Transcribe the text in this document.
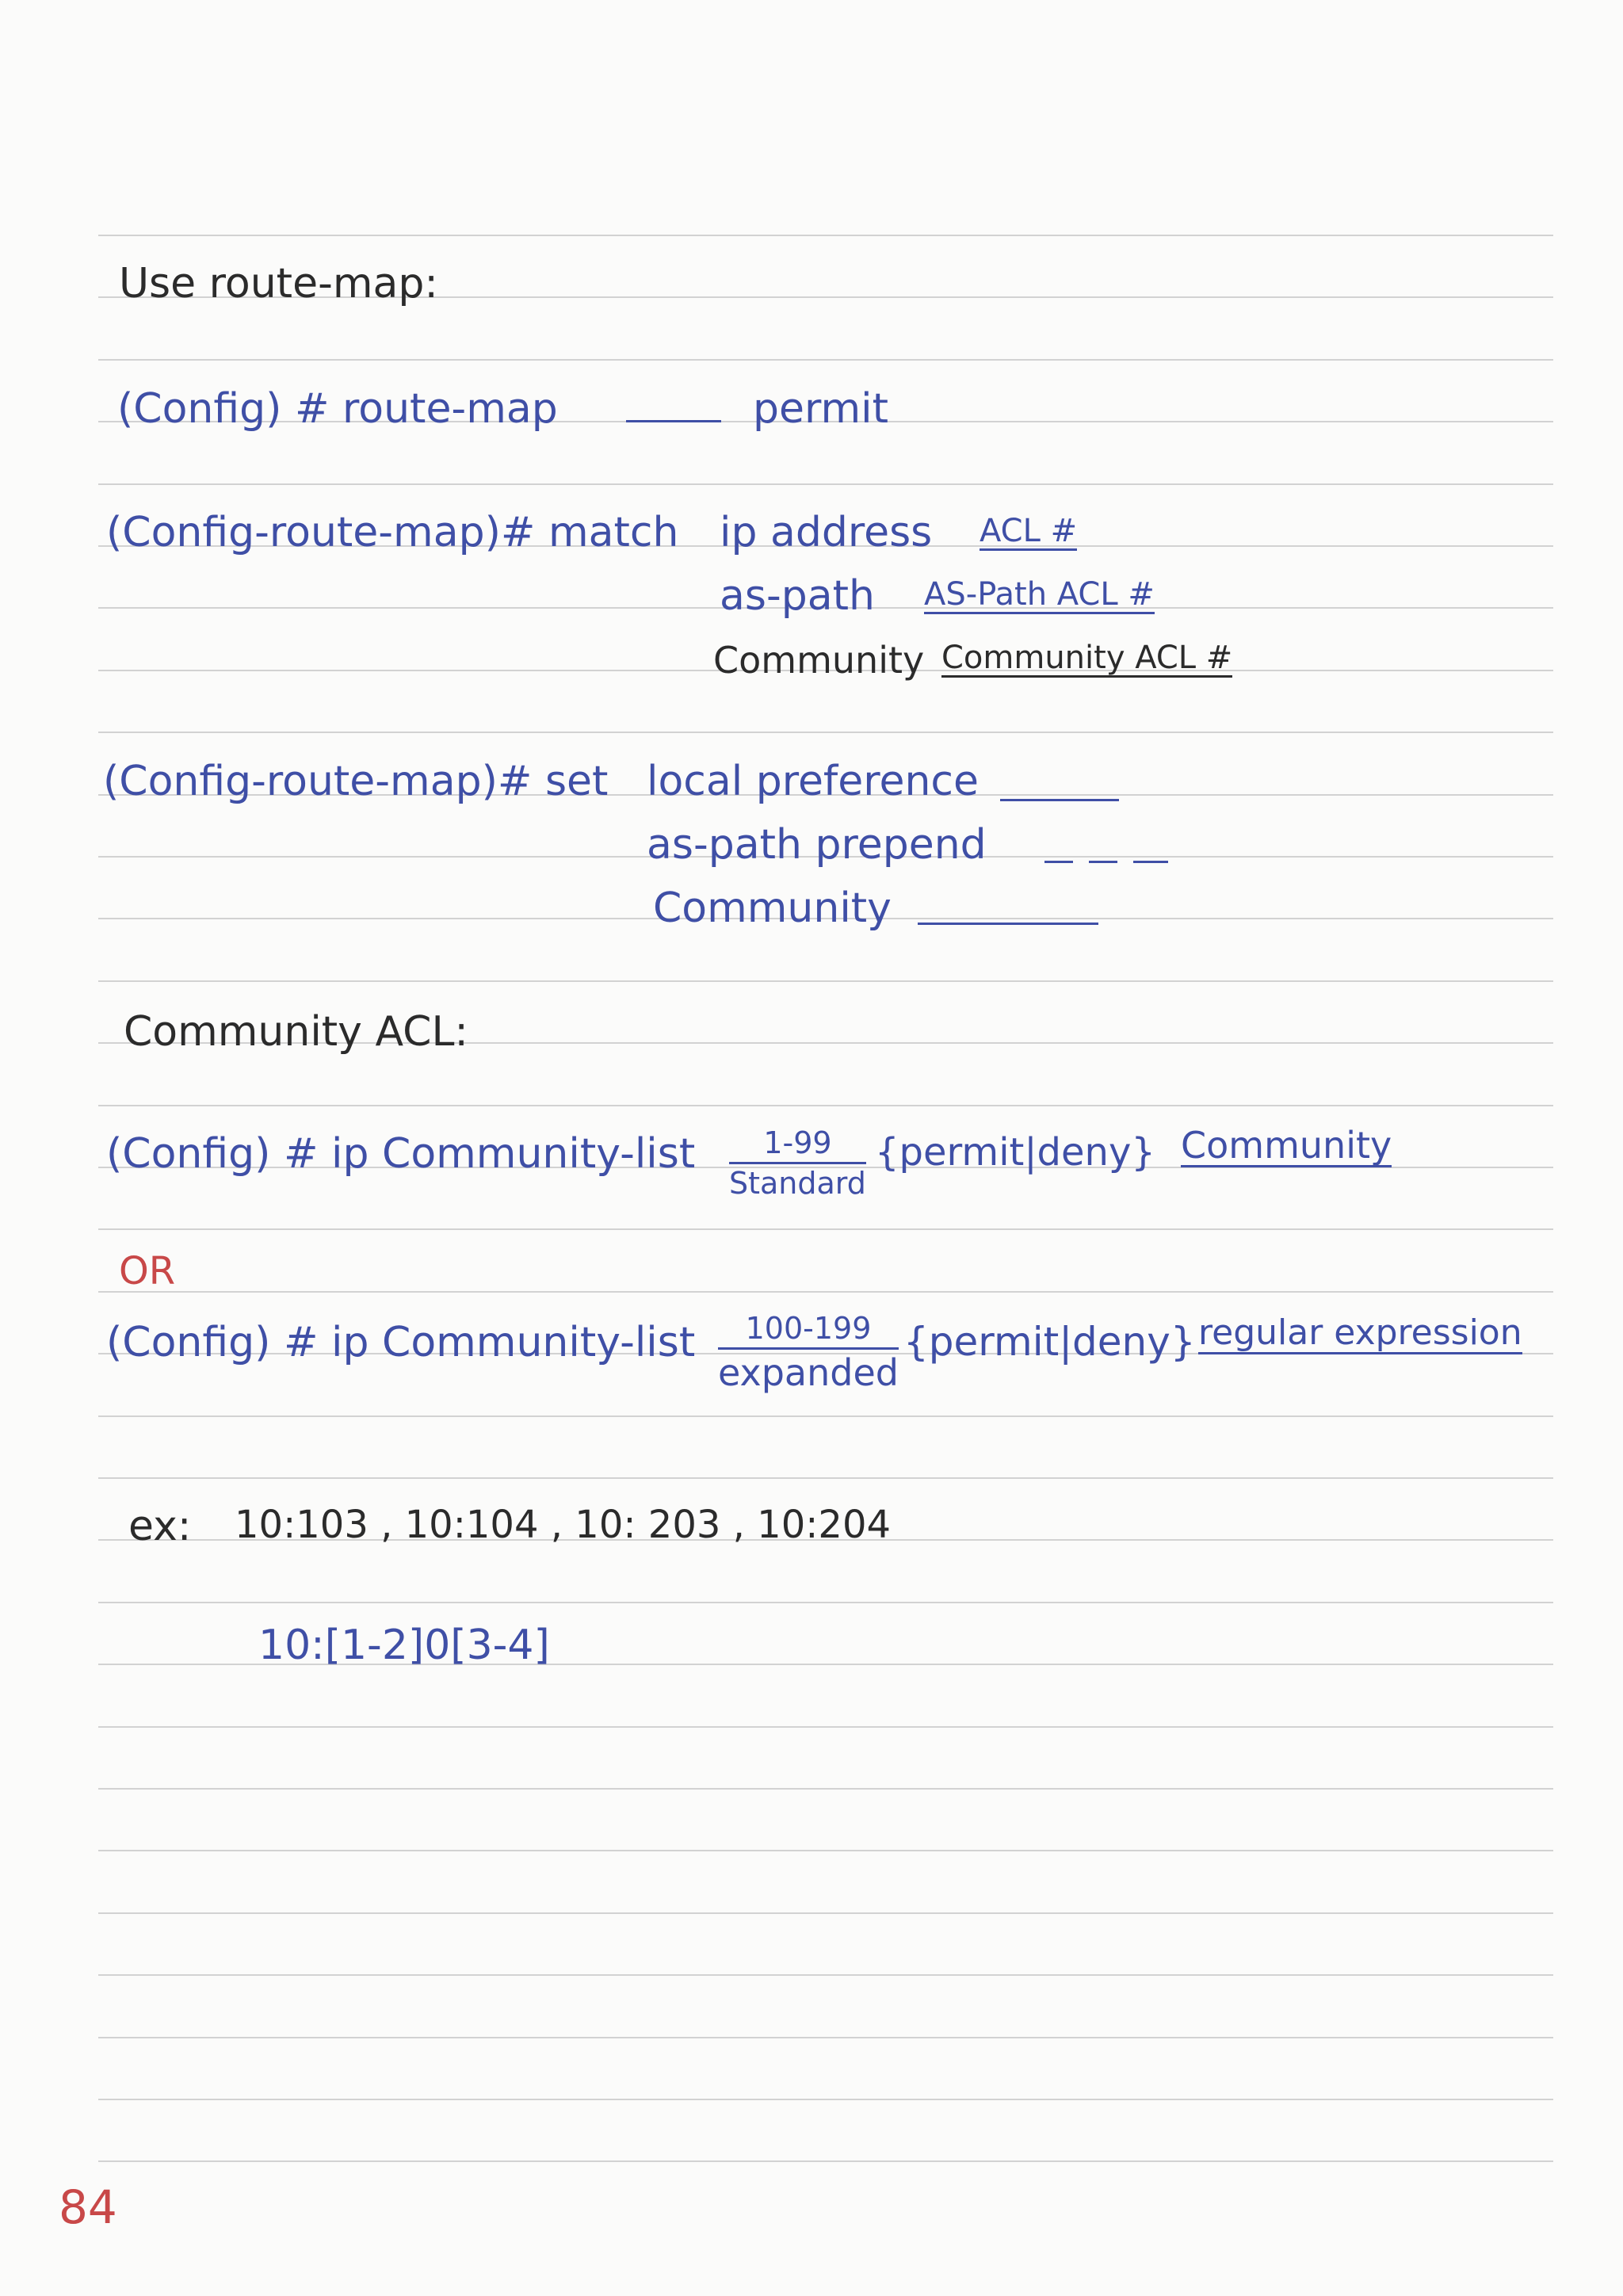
Use route-map:
(Config) # route-map	permit
(Config-route-map)# match ip address ACL #
as-path AS-Path ACL #
Community Community ACL #
(Config-route-map)# set local preference
as-path prepend
Community
Community ACL:
(Config) # ip Community-list	1-99
Standard
{permit|deny} Community
OR
(Config) # ip Community-list	100-199
expanded
{permit|deny} regular expression
ex: 10:103 , 10:104 , 10: 203 , 10:204
10:[1-2]0[3-4]
84
